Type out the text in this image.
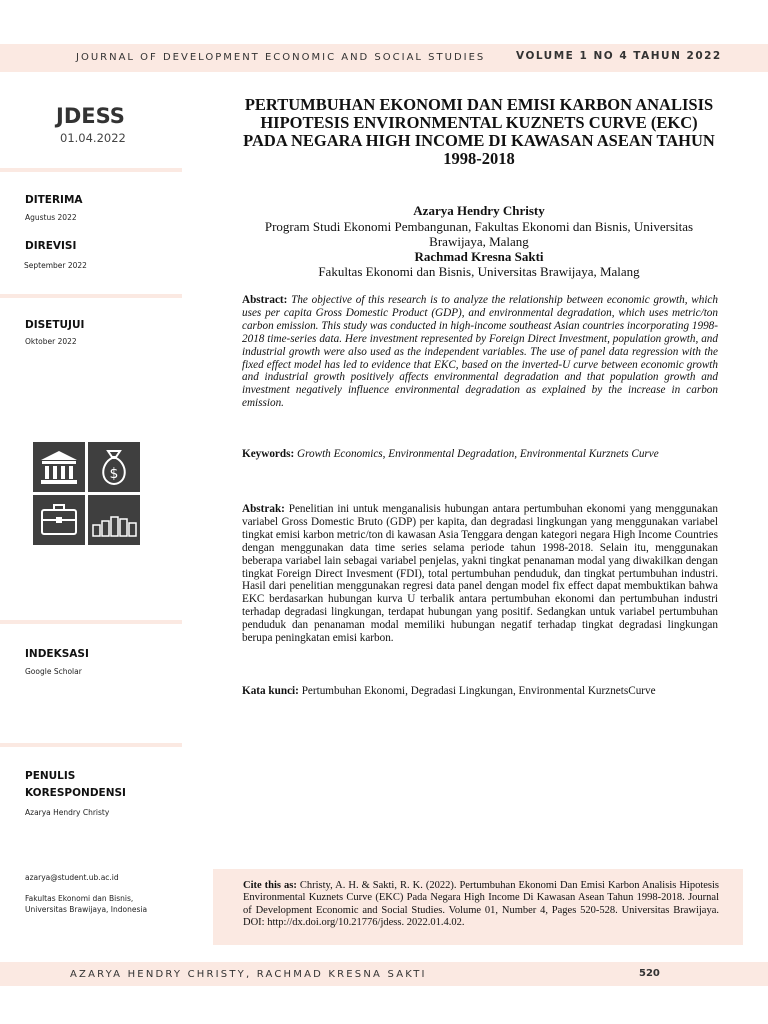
JOURNAL OF DEVELOPMENT ECONOMIC AND SOCIAL STUDIES	VOLUME 1 NO 4 TAHUN 2022
JDESS
01.04.2022
DITERIMA
Agustus 2022
DIREVISI
September 2022
DISETUJUI
Oktober 2022
$
INDEKSASI
Google Scholar
PENULIS
KORESPONDENSI
Azarya Hendry Christy
azarya@student.ub.ac.id
Fakultas Ekonomi dan Bisnis,
Universitas Brawijaya, Indonesia
PERTUMBUHAN EKONOMI DAN EMISI KARBON ANALISIS HIPOTESIS ENVIRONMENTAL KUZNETS CURVE (EKC) PADA NEGARA HIGH INCOME DI KAWASAN ASEAN TAHUN 1998-2018
Azarya Hendry Christy
Program Studi Ekonomi Pembangunan, Fakultas Ekonomi dan Bisnis, Universitas Brawijaya, Malang
Rachmad Kresna Sakti
Fakultas Ekonomi dan Bisnis, Universitas Brawijaya, Malang
Abstract: The objective of this research is to analyze the relationship between economic growth, which uses per capita Gross Domestic Product (GDP), and environmental degradation, which uses metric/ton carbon emission. This study was conducted in high-income southeast Asian countries incorporating 1998-2018 time-series data. Here investment represented by Foreign Direct Investment, population growth, and industrial growth were also used as the independent variables. The use of panel data regression with the fixed effect model has led to evidence that EKC, based on the inverted-U curve between economic growth and industrial growth positively affects environmental degradation and that population growth and investment negatively influence environmental degradation as explained by the increase in carbon emission.
Keywords: Growth Economics, Environmental Degradation, Environmental Kurznets Curve
Abstrak: Penelitian ini untuk menganalisis hubungan antara pertumbuhan ekonomi yang menggunakan variabel Gross Domestic Bruto (GDP) per kapita, dan degradasi lingkungan yang menggunakan variabel tingkat emisi karbon metric/ton di kawasan Asia Tenggara dengan kategori negara High Income Countries dengan menggunakan data time series selama periode tahun 1998-2018. Selain itu, menggunakan beberapa variabel lain sebagai variabel penjelas, yakni tingkat penanaman modal yang diwakilkan dengan tingkat Foreign Direct Invesment (FDI), total pertumbuhan penduduk, dan tingkat pertumbuhan industri. Hasil dari penelitian menggunakan regresi data panel dengan model fix effect dapat membuktikan bahwa EKC berdasarkan hubungan kurva U terbalik antara pertumbuhan ekonomi dan pertumbuhan industri terhadap degradasi lingkungan, terdapat hubungan yang positif. Sedangkan untuk variabel pertumbuhan penduduk dan penanaman modal memiliki hubungan negatif terhadap tingkat degradasi lingkungan berupa peningkatan emisi karbon.
Kata kunci: Pertumbuhan Ekonomi, Degradasi Lingkungan, Environmental KurznetsCurve

Cite this as: Christy, A. H. & Sakti, R. K. (2022). Pertumbuhan Ekonomi Dan Emisi Karbon Analisis Hipotesis Environmental Kuznets Curve (EKC) Pada Negara High Income Di Kawasan Asean Tahun 1998-2018. Journal of Development Economic and Social Studies. Volume 01, Number 4, Pages 520-528. Universitas Brawijaya. DOI: http://dx.doi.org/10.21776/jdess. 2022.01.4.02.

AZARYA HENDRY CHRISTY, RACHMAD KRESNA SAKTI	520
